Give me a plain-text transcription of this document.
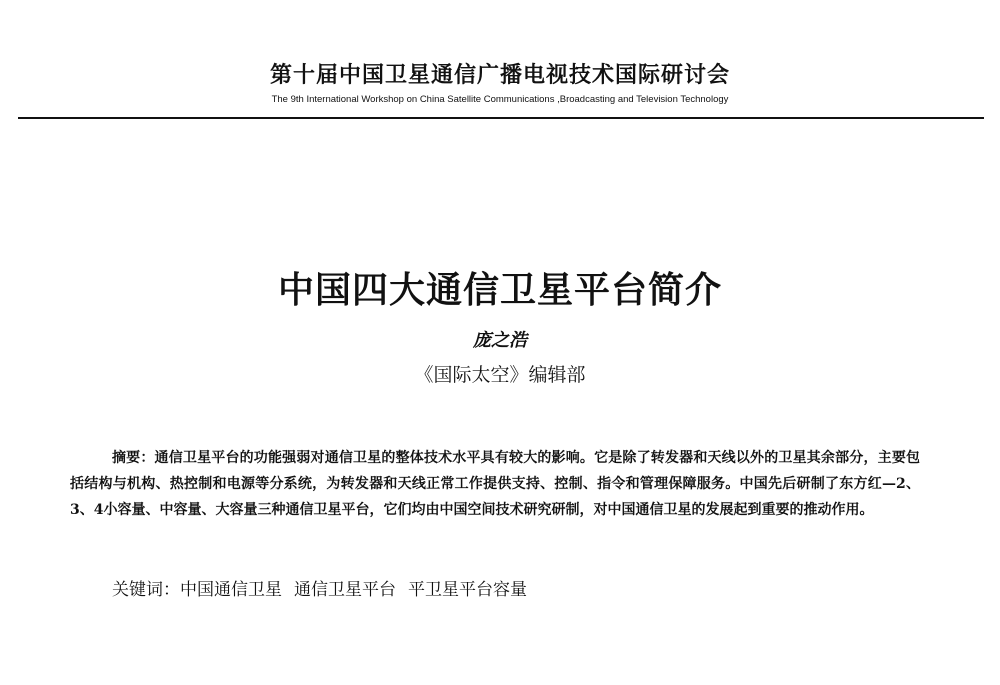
第十届中国卫星通信广播电视技术国际研讨会
The 9th International Workshop on China Satellite Communications ,Broadcasting and Television Technology
中国四大通信卫星平台简介
庞之浩
《国际太空》编辑部

摘要：通信卫星平台的功能强弱对通信卫星的整体技术水平具有较大的影响。它是除了转发器和天线以外的卫星其余部分，主要包括结构与机构、热控制和电源等分系统，为转发器和天线正常工作提供支持、控制、指令和管理保障服务。中国先后研制了东方红—2、3、4小容量、中容量、大容量三种通信卫星平台，它们均由中国空间技术研究研制，对中国通信卫星的发展起到重要的推动作用。

关键词：中国通信卫星 通信卫星平台 平卫星平台容量
